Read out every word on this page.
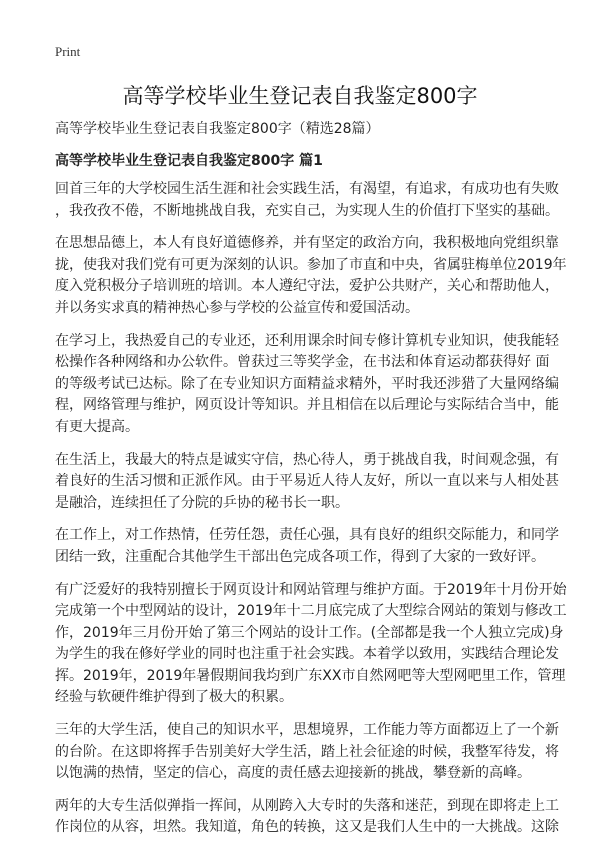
Print
高等学校毕业生登记表自我鉴定800字
高等学校毕业生登记表自我鉴定800字（精选28篇）
高等学校毕业生登记表自我鉴定800字 篇1
回首三年的大学校园生活生涯和社会实践生活，有渴望，有追求，有成功也有失败
，我孜孜不倦，不断地挑战自我，充实自己，为实现人生的价值打下坚实的基础。
在思想品德上，本人有良好道德修养，并有坚定的政治方向，我积极地向党组织靠
拢，使我对我们党有可更为深刻的认识。参加了市直和中央，省属驻梅单位2019年
度入党积极分子培训班的培训。本人遵纪守法，爱护公共财产，关心和帮助他人，
并以务实求真的精神热心参与学校的公益宣传和爱国活动。
在学习上，我热爱自己的专业还，还利用课余时间专修计算机专业知识，使我能轻
松操作各种网络和办公软件。曾获过三等奖学金，在书法和体育运动都获得好 面
的等级考试已达标。除了在专业知识方面精益求精外，平时我还涉猎了大量网络编
程，网络管理与维护，网页设计等知识。并且相信在以后理论与实际结合当中，能
有更大提高。
在生活上，我最大的特点是诚实守信，热心待人，勇于挑战自我，时间观念强，有
着良好的生活习惯和正派作风。由于平易近人待人友好，所以一直以来与人相处甚
是融洽，连续担任了分院的乒协的秘书长一职。
在工作上，对工作热情，任劳任怨，责任心强，具有良好的组织交际能力，和同学
团结一致，注重配合其他学生干部出色完成各项工作，得到了大家的一致好评。
有广泛爱好的我特别擅长于网页设计和网站管理与维护方面。于2019年十月份开始
完成第一个中型网站的设计，2019年十二月底完成了大型综合网站的策划与修改工
作，2019年三月份开始了第三个网站的设计工作。(全部都是我一个人独立完成)身
为学生的我在修好学业的同时也注重于社会实践。本着学以致用，实践结合理论发
挥。2019年，2019年暑假期间我均到广东XX市自然网吧等大型网吧里工作，管理
经验与软硬件维护得到了极大的积累。
三年的大学生活，使自己的知识水平，思想境界，工作能力等方面都迈上了一个新
的台阶。在这即将挥手告别美好大学生活，踏上社会征途的时候，我整军待发，将
以饱满的热情，坚定的信心，高度的责任感去迎接新的挑战，攀登新的高峰。
两年的大专生活似弹指一挥间，从刚跨入大专时的失落和迷茫，到现在即将走上工
作岗位的从容，坦然。我知道，角色的转换，这又是我们人生中的一大挑战。这除
